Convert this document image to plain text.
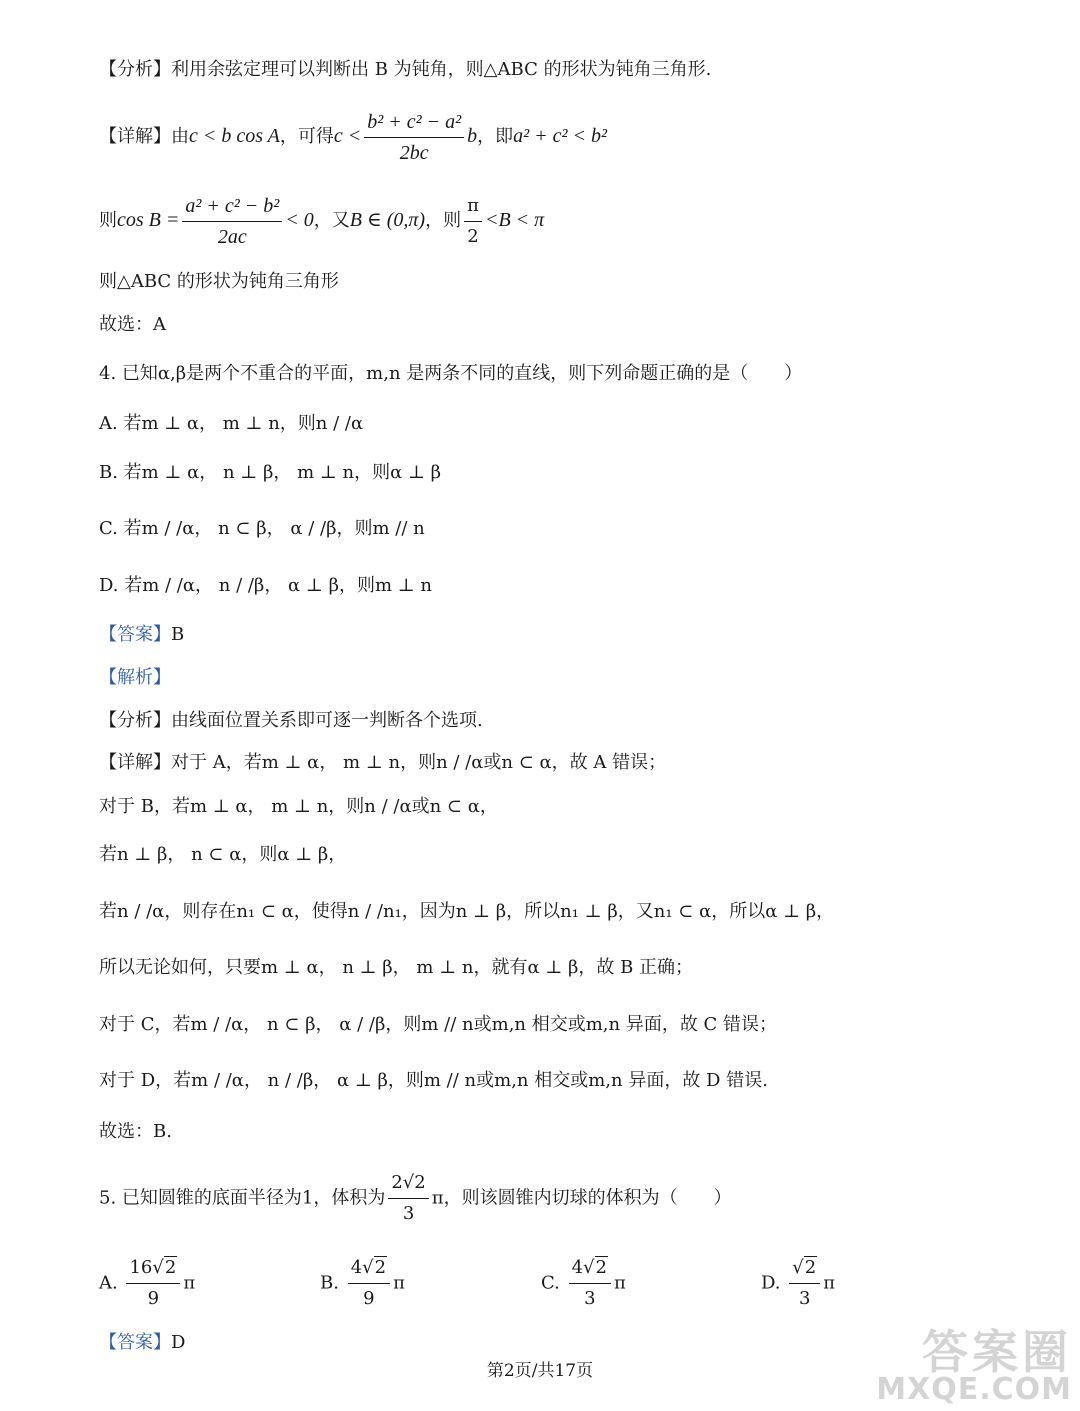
【分析】利用余弦定理可以判断出 B 为钝角，则△ABC 的形状为钝角三角形.
【详解】由c < b cos A，可得$c < \frac{\text{b² + c² − a²}}{2bc}$ b，即a² + c² < b²
则$\cos B = \frac{\text{a² + c² − b²}}{2ac} < 0$，又B ∈ (0,π)，则 $\frac{\pi}{2} <B < \pi$
则△ABC 的形状为钝角三角形
故选：A
4. 已知α,β是两个不重合的平面，m,n 是两条不同的直线，则下列命题正确的是（　　）
A. 若m ⊥ α， m ⊥ n，则n / /α
B. 若m ⊥ α， n ⊥ β， m ⊥ n，则α ⊥ β
C. 若m / /α， n ⊂ β， α / /β，则m // n
D. 若m / /α， n / /β， α ⊥ β，则m ⊥ n
【答案】B
【解析】
【分析】由线面位置关系即可逐一判断各个选项.
【详解】对于 A，若m ⊥ α， m ⊥ n，则n / /α或n ⊂ α，故 A 错误；
对于 B，若m ⊥ α， m ⊥ n，则n / /α或n ⊂ α，
若n ⊥ β， n ⊂ α，则α ⊥ β，
若n / /α，则存在n₁ ⊂ α，使得n / /n₁，因为n ⊥ β，所以n₁ ⊥ β，又n₁ ⊂ α，所以α ⊥ β，
所以无论如何，只要m ⊥ α， n ⊥ β， m ⊥ n，就有α ⊥ β，故 B 正确；
对于 C，若m / /α， n ⊂ β， α / /β，则m // n或m,n 相交或m,n 异面，故 C 错误；
对于 D，若m / /α， n / /β， α ⊥ β，则m // n或m,n 相交或m,n 异面，故 D 错误.
故选：B.
5. 已知圆锥的底面半径为1，体积为 $\frac{2√2}{3}$ π，则该圆锥内切球的体积为（　　）
A. $\frac{16√2}{9}$ π	B. $\frac{4√2}{9}$ π	C. $\frac{4√2}{3}$ π	D. $\frac{√2}{3}$ π
【答案】D
第2页/共17页	答案圈
MXQE.COM
